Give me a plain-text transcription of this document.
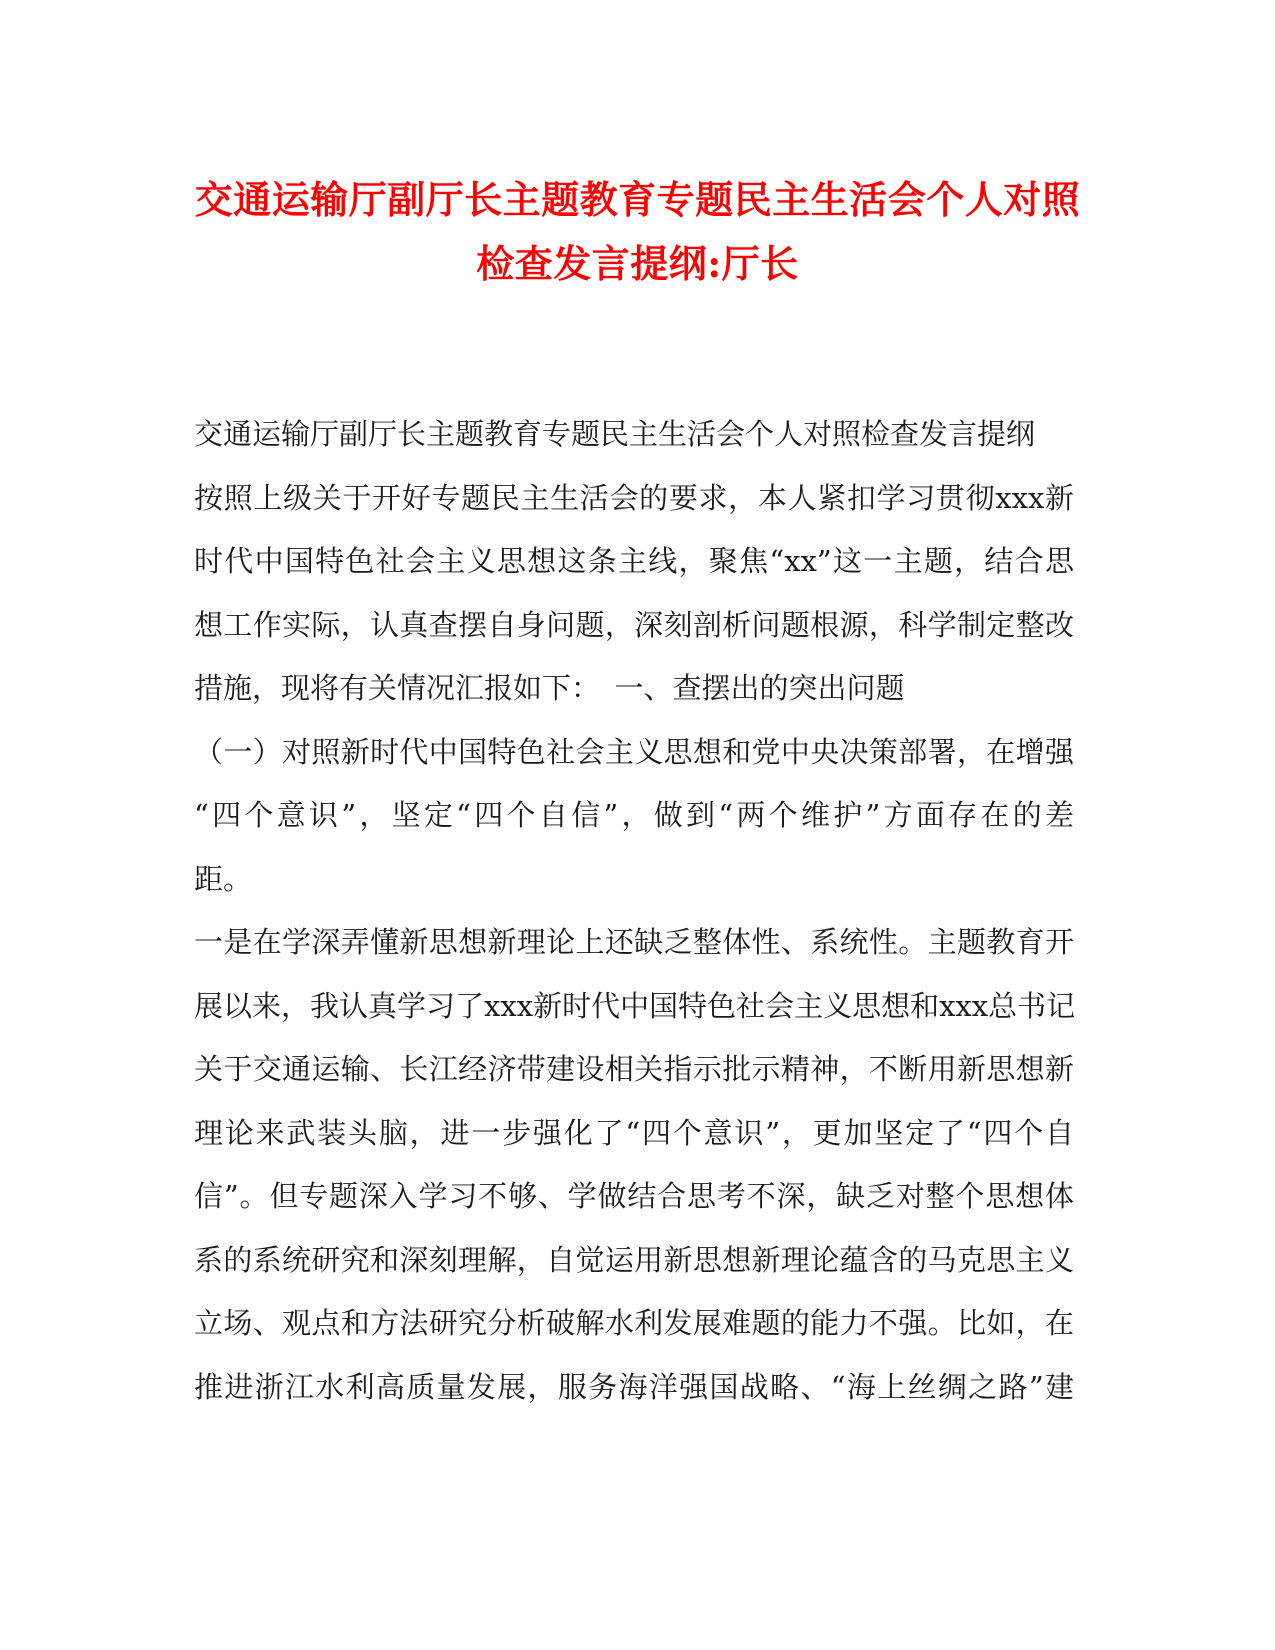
交通运输厅副厅长主题教育专题民主生活会个人对照
检查发言提纲:厅长
交通运输厅副厅长主题教育专题民主生活会个人对照检查发言提纲
按照上级关于开好专题民主生活会的要求，本人紧扣学习贯彻xxx新
时代中国特色社会主义思想这条主线，聚焦“xx”这一主题，结合思
想工作实际，认真查摆自身问题，深刻剖析问题根源，科学制定整改
措施，现将有关情况汇报如下：　一、查摆出的突出问题
（一）对照新时代中国特色社会主义思想和党中央决策部署，在增强
“四个意识”，坚定“四个自信”，做到“两个维护”方面存在的差
距。
一是在学深弄懂新思想新理论上还缺乏整体性、系统性。主题教育开
展以来，我认真学习了xxx新时代中国特色社会主义思想和xxx总书记
关于交通运输、长江经济带建设相关指示批示精神，不断用新思想新
理论来武装头脑，进一步强化了“四个意识”，更加坚定了“四个自
信”。但专题深入学习不够、学做结合思考不深，缺乏对整个思想体
系的系统研究和深刻理解，自觉运用新思想新理论蕴含的马克思主义
立场、观点和方法研究分析破解水利发展难题的能力不强。比如，在
推进浙江水利高质量发展，服务海洋强国战略、“海上丝绸之路”建
